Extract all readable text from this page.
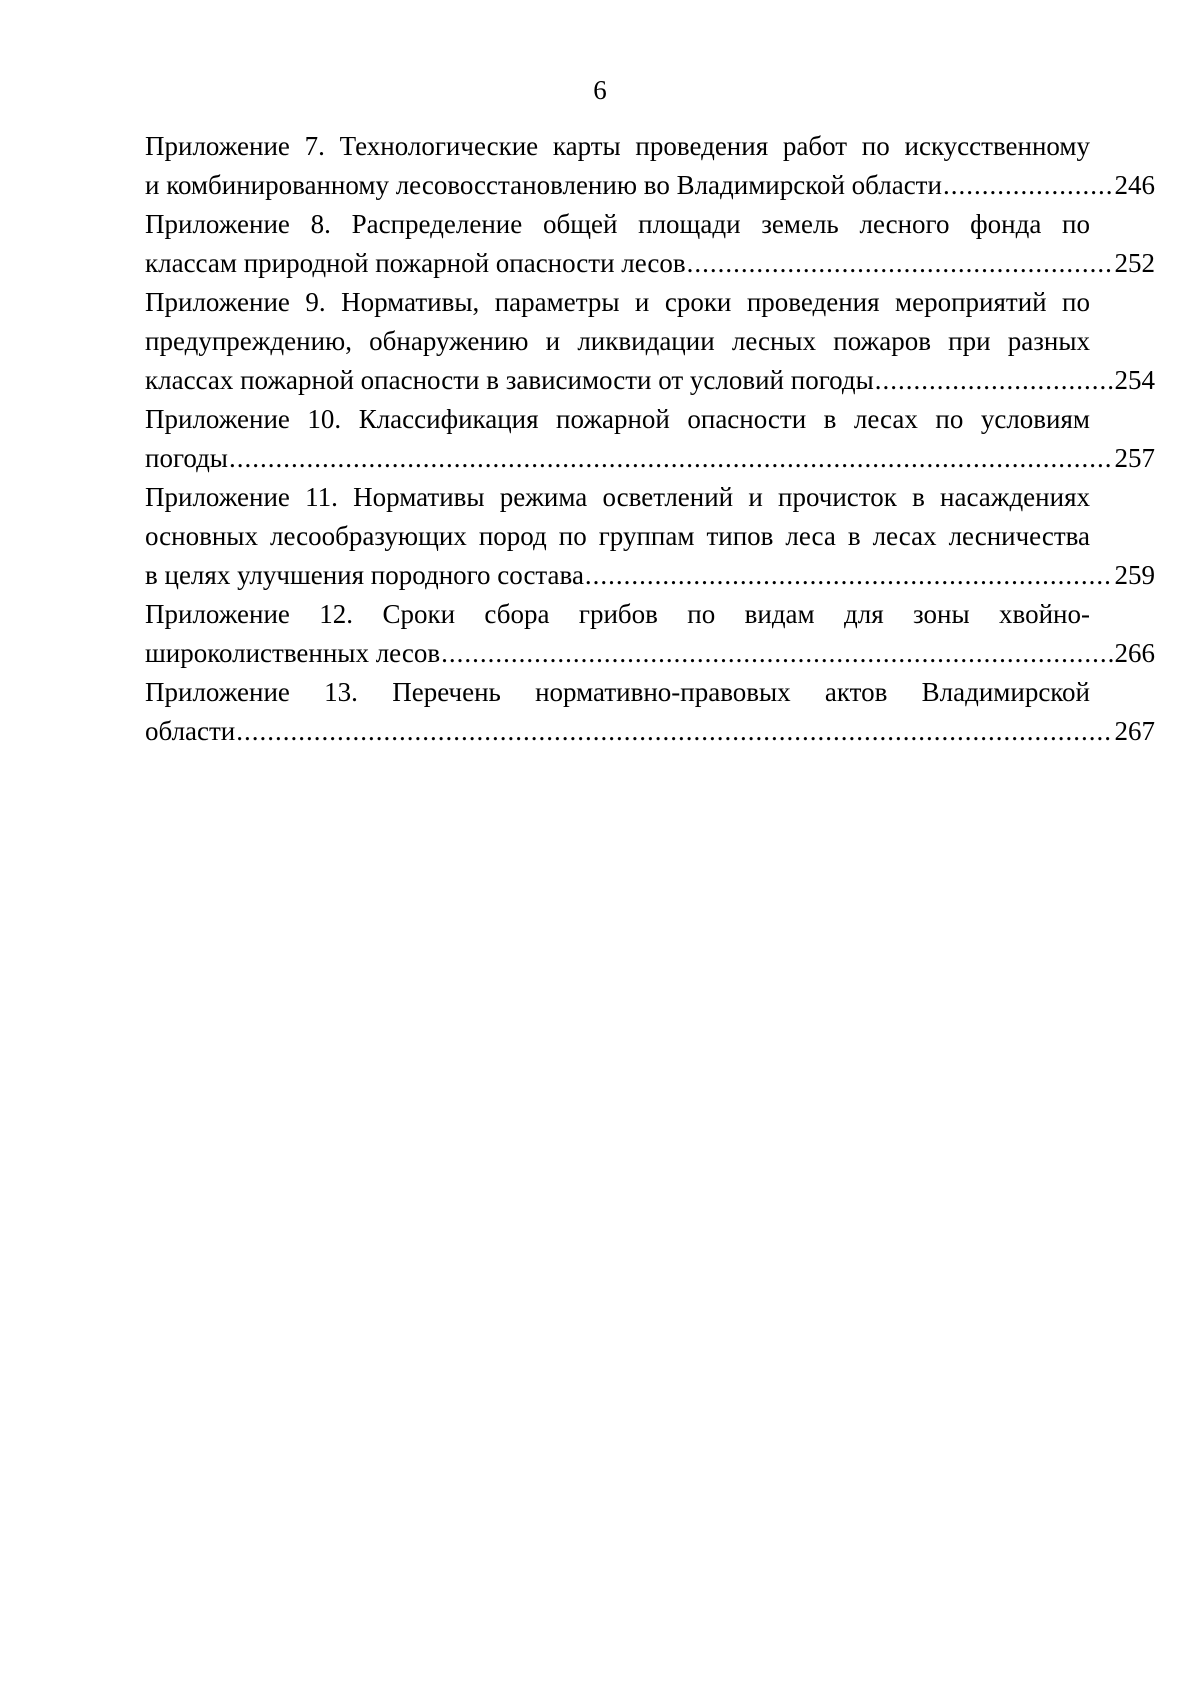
6
Приложение 7. Технологические карты проведения работ по искусственному
и комбинированному лесовосстановлению во Владимирской области .....	246
Приложение 8. Распределение общей площади земель лесного фонда по
классам природной пожарной опасности лесов .....	252
Приложение 9. Нормативы, параметры и сроки проведения мероприятий по
предупреждению, обнаружению и ликвидации лесных пожаров при разных
классах пожарной опасности в зависимости от условий погоды .....	254
Приложение 10. Классификация пожарной опасности в лесах по условиям
погоды .....	257
Приложение 11. Нормативы режима осветлений и прочисток в насаждениях
основных лесообразующих пород по группам типов леса в лесах лесничества
в целях улучшения породного состава .....	259
Приложение 12. Сроки сбора грибов по видам для зоны хвойно-
широколиственных лесов .....	266
Приложение 13. Перечень нормативно-правовых актов Владимирской
области .....	267
